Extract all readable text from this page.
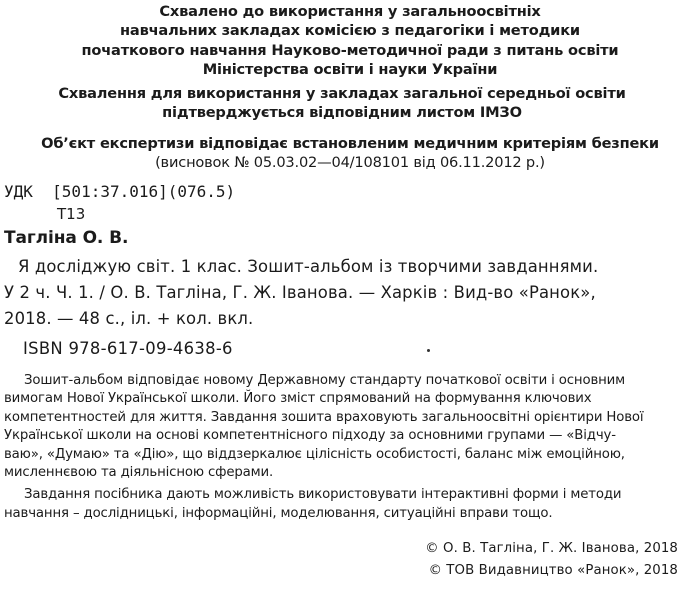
Схвалено до використання у загальноосвітніх
навчальних закладах комісією з педагогіки і методики
початкового навчання Науково-методичної ради з питань освіти
Міністерства освіти і науки України
Схвалення для використання у закладах загальної середньої освіти
підтверджується відповідним листом ІМЗО
Об’єкт експертизи відповідає встановленим медичним критеріям безпеки
(висновок № 05.03.02—04/108101 від 06.11.2012 р.)
УДК  [501:37.016](076.5)
Т13
Тагліна О. В.
Я досліджую світ. 1 клас. Зошит-альбом із творчими завданнями.
У 2 ч. Ч. 1. / О. В. Тагліна, Г. Ж. Іванова. — Харків : Вид-во «Ранок»,
2018. — 48 с., іл. + кол. вкл.
ISBN 978-617-09-4638-6
Зошит-альбом відповідає новому Державному стандарту початкової освіти і основним
вимогам Нової Української школи. Його зміст спрямований на формування ключових
компетентностей для життя. Завдання зошита враховують загальноосвітні орієнтири Нової
Української школи на основі компетентнісного підходу за основними групами — «Відчу-
ваю», «Думаю» та «Дію», що віддзеркалює цілісність особистості, баланс між емоційною,
мисленнєвою та діяльнісною сферами.
Завдання посібника дають можливість використовувати інтерактивні форми і методи
навчання – дослідницькі, інформаційні, моделювання, ситуаційні вправи тощо.
© О. В. Тагліна, Г. Ж. Іванова, 2018
© ТОВ Видавництво «Ранок», 2018
